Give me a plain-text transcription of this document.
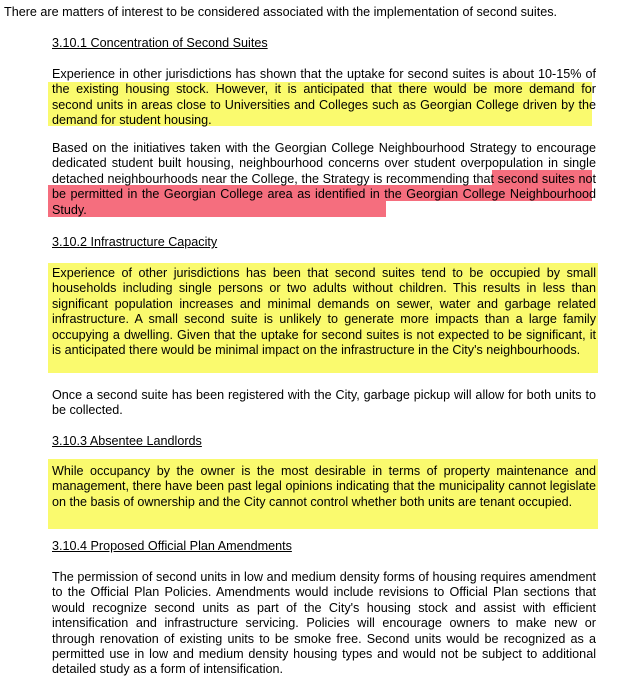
There are matters of interest to be considered associated with the implementation of second suites.
3.10.1 Concentration of Second Suites
Experience in other jurisdictions has shown that the uptake for second suites is about 10-15% of the existing housing stock. However, it is anticipated that there would be more demand for second units in areas close to Universities and Colleges such as Georgian College driven by the demand for student housing.
Based on the initiatives taken with the Georgian College Neighbourhood Strategy to encourage dedicated student built housing, neighbourhood concerns over student overpopulation in single detached neighbourhoods near the College, the Strategy is recommending that second suites not be permitted in the Georgian College area as identified in the Georgian College Neighbourhood Study.
3.10.2 Infrastructure Capacity
Experience of other jurisdictions has been that second suites tend to be occupied by small households including single persons or two adults without children. This results in less than significant population increases and minimal demands on sewer, water and garbage related infrastructure. A small second suite is unlikely to generate more impacts than a large family occupying a dwelling. Given that the uptake for second suites is not expected to be significant, it is anticipated there would be minimal impact on the infrastructure in the City's neighbourhoods.
Once a second suite has been registered with the City, garbage pickup will allow for both units to be collected.
3.10.3 Absentee Landlords
While occupancy by the owner is the most desirable in terms of property maintenance and management, there have been past legal opinions indicating that the municipality cannot legislate on the basis of ownership and the City cannot control whether both units are tenant occupied.
3.10.4 Proposed Official Plan Amendments
The permission of second units in low and medium density forms of housing requires amendment to the Official Plan Policies. Amendments would include revisions to Official Plan sections that would recognize second units as part of the City's housing stock and assist with efficient intensification and infrastructure servicing. Policies will encourage owners to make new or through renovation of existing units to be smoke free. Second units would be recognized as a permitted use in low and medium density housing types and would not be subject to additional detailed study as a form of intensification.
